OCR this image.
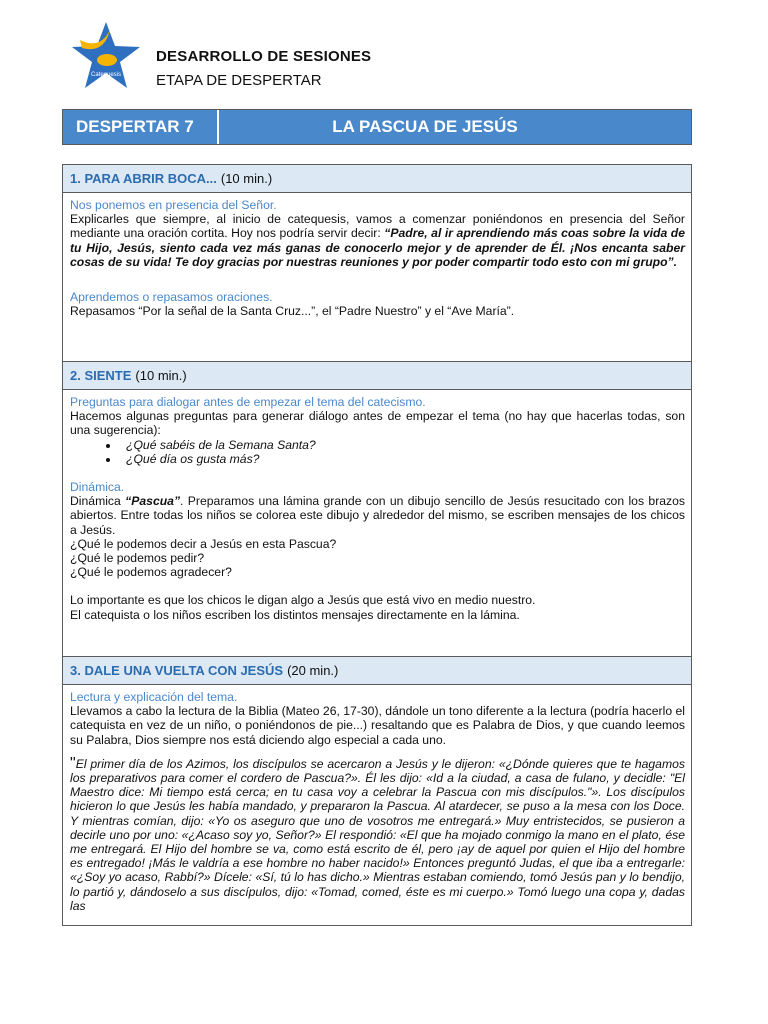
Catequesis
DESARROLLO DE SESIONES
ETAPA DE DESPERTAR
DESPERTAR 7	LA PASCUA DE JESÚS
1. PARA ABRIR BOCA... (10 min.)
Nos ponemos en presencia del Señor.
Explicarles que siempre, al inicio de catequesis, vamos a comenzar poniéndonos en presencia del Señor mediante una oración cortita. Hoy nos podría servir decir: “Padre, al ir aprendiendo más coas sobre la vida de tu Hijo, Jesús, siento cada vez más ganas de conocerlo mejor y de aprender de Él. ¡Nos encanta saber cosas de su vida! Te doy gracias por nuestras reuniones y por poder compartir todo esto con mi grupo”.
Aprendemos o repasamos oraciones.
Repasamos “Por la señal de la Santa Cruz...”, el “Padre Nuestro” y el “Ave María”.
2. SIENTE (10 min.)
Preguntas para dialogar antes de empezar el tema del catecismo.
Hacemos algunas preguntas para generar diálogo antes de empezar el tema (no hay que hacerlas todas, son una sugerencia):
• ¿Qué sabéis de la Semana Santa?
• ¿Qué día os gusta más?
Dinámica.
Dinámica “Pascua”. Preparamos una lámina grande con un dibujo sencillo de Jesús resucitado con los brazos abiertos. Entre todas los niños se colorea este dibujo y alrededor del mismo, se escriben mensajes de los chicos a Jesús.
¿Qué le podemos decir a Jesús en esta Pascua?
¿Qué le podemos pedir?
¿Qué le podemos agradecer?
Lo importante es que los chicos le digan algo a Jesús que está vivo en medio nuestro.
El catequista o los niños escriben los distintos mensajes directamente en la lámina.
3. DALE UNA VUELTA CON JESÚS (20 min.)
Lectura y explicación del tema.
Llevamos a cabo la lectura de la Biblia (Mateo 26, 17-30), dándole un tono diferente a la lectura (podría hacerlo el catequista en vez de un niño, o poniéndonos de pie...) resaltando que es Palabra de Dios, y que cuando leemos su Palabra, Dios siempre nos está diciendo algo especial a cada uno.
"El primer día de los Azimos, los discípulos se acercaron a Jesús y le dijeron: «¿Dónde quieres que te hagamos los preparativos para comer el cordero de Pascua?». Él les dijo: «Id a la ciudad, a casa de fulano, y decidle: "El Maestro dice: Mi tiempo está cerca; en tu casa voy a celebrar la Pascua con mis discípulos."». Los discípulos hicieron lo que Jesús les había mandado, y prepararon la Pascua. Al atardecer, se puso a la mesa con los Doce. Y mientras comían, dijo: «Yo os aseguro que uno de vosotros me entregará.» Muy entristecidos, se pusieron a decirle uno por uno: «¿Acaso soy yo, Señor?» El respondió: «El que ha mojado conmigo la mano en el plato, ése me entregará. El Hijo del hombre se va, como está escrito de él, pero ¡ay de aquel por quien el Hijo del hombre es entregado! ¡Más le valdría a ese hombre no haber nacido!» Entonces preguntó Judas, el que iba a entregarle: «¿Soy yo acaso, Rabbí?» Dícele: «Sí, tú lo has dicho.» Mientras estaban comiendo, tomó Jesús pan y lo bendijo, lo partió y, dándoselo a sus discípulos, dijo: «Tomad, comed, éste es mi cuerpo.» Tomó luego una copa y, dadas las
